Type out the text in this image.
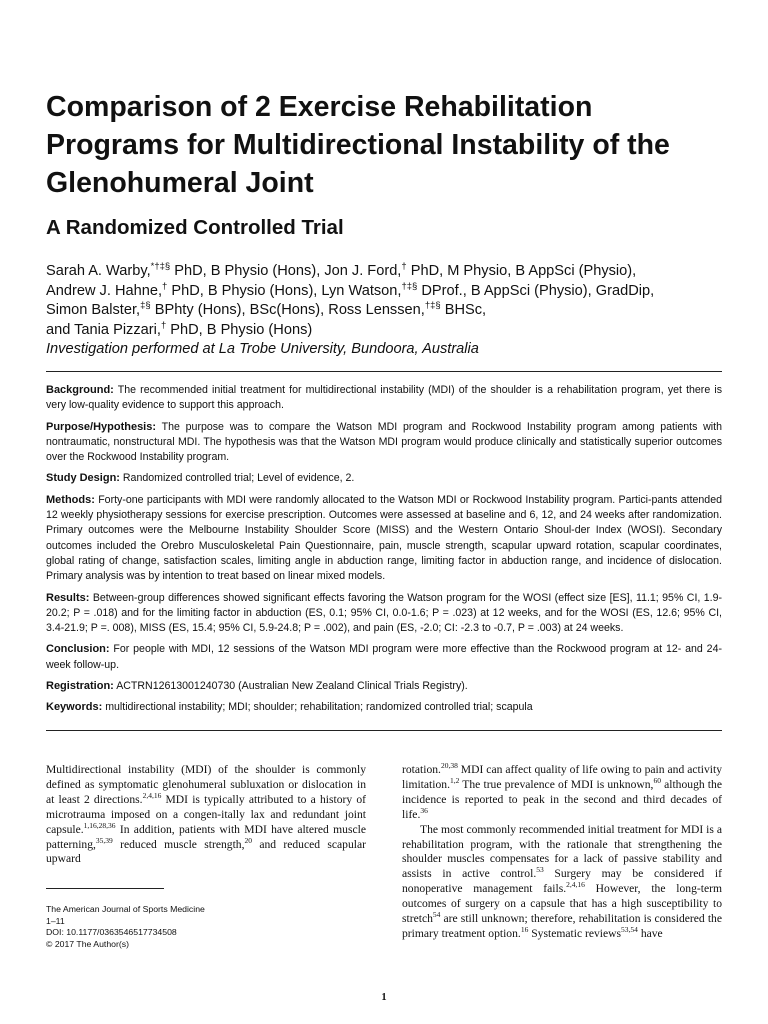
Comparison of 2 Exercise Rehabilitation Programs for Multidirectional Instability of the Glenohumeral Joint
A Randomized Controlled Trial
Sarah A. Warby,*†‡§ PhD, B Physio (Hons), Jon J. Ford,† PhD, M Physio, B AppSci (Physio),
Andrew J. Hahne,† PhD, B Physio (Hons), Lyn Watson,†‡§ DProf., B AppSci (Physio), GradDip,
Simon Balster,‡§ BPhty (Hons), BSc(Hons), Ross Lenssen,†‡§ BHSc,
and Tania Pizzari,† PhD, B Physio (Hons)
Investigation performed at La Trobe University, Bundoora, Australia

Background: The recommended initial treatment for multidirectional instability (MDI) of the shoulder is a rehabilitation program, yet there is very low-quality evidence to support this approach.

Purpose/Hypothesis: The purpose was to compare the Watson MDI program and Rockwood Instability program among patients with nontraumatic, nonstructural MDI. The hypothesis was that the Watson MDI program would produce clinically and statistically superior outcomes over the Rockwood Instability program.

Study Design: Randomized controlled trial; Level of evidence, 2.

Methods: Forty-one participants with MDI were randomly allocated to the Watson MDI or Rockwood Instability program. Partici-pants attended 12 weekly physiotherapy sessions for exercise prescription. Outcomes were assessed at baseline and 6, 12, and 24 weeks after randomization. Primary outcomes were the Melbourne Instability Shoulder Score (MISS) and the Western Ontario Shoul-der Index (WOSI). Secondary outcomes included the Orebro Musculoskeletal Pain Questionnaire, pain, muscle strength, scapular upward rotation, scapular coordinates, global rating of change, satisfaction scales, limiting angle in abduction range, limiting factor in abduction range, and incidence of dislocation. Primary analysis was by intention to treat based on linear mixed models.

Results: Between-group differences showed significant effects favoring the Watson program for the WOSI (effect size [ES], 11.1; 95% CI, 1.9-20.2; P = .018) and for the limiting factor in abduction (ES, 0.1; 95% CI, 0.0-1.6; P = .023) at 12 weeks, and for the WOSI (ES, 12.6; 95% CI, 3.4-21.9; P =. 008), MISS (ES, 15.4; 95% CI, 5.9-24.8; P = .002), and pain (ES, -2.0; CI: -2.3 to -0.7, P = .003) at 24 weeks.

Conclusion: For people with MDI, 12 sessions of the Watson MDI program were more effective than the Rockwood program at 12- and 24-week follow-up.

Registration: ACTRN12613001240730 (Australian New Zealand Clinical Trials Registry).

Keywords: multidirectional instability; MDI; shoulder; rehabilitation; randomized controlled trial; scapula

Multidirectional instability (MDI) of the shoulder is commonly defined as symptomatic glenohumeral subluxation or dislocation in at least 2 directions.$^{2,4,16}$ MDI is typically attributed to a history of microtrauma imposed on a congen-itally lax and redundant joint capsule.$^{1,16,28,36}$ In addition, patients with MDI have altered muscle patterning,$^{35,39}$ reduced muscle strength,$^{20}$ and reduced scapular upward

rotation.$^{20,38}$ MDI can affect quality of life owing to pain and activity limitation.$^{1,2}$ The true prevalence of MDI is unknown,$^{60}$ although the incidence is reported to peak in the second and third decades of life.$^{36}$

The most commonly recommended initial treatment for MDI is a rehabilitation program, with the rationale that strengthening the shoulder muscles compensates for a lack of passive stability and assists in active control.$^{53}$ Surgery may be considered if nonoperative management fails.$^{2,4,16}$ However, the long-term outcomes of surgery on a capsule that has a high susceptibility to stretch$^{54}$ are still unknown; therefore, rehabilitation is considered the primary treatment option.$^{16}$ Systematic reviews$^{53,54}$ have

The American Journal of Sports Medicine
1–11
DOI: 10.1177/0363546517734508
© 2017 The Author(s)
1
